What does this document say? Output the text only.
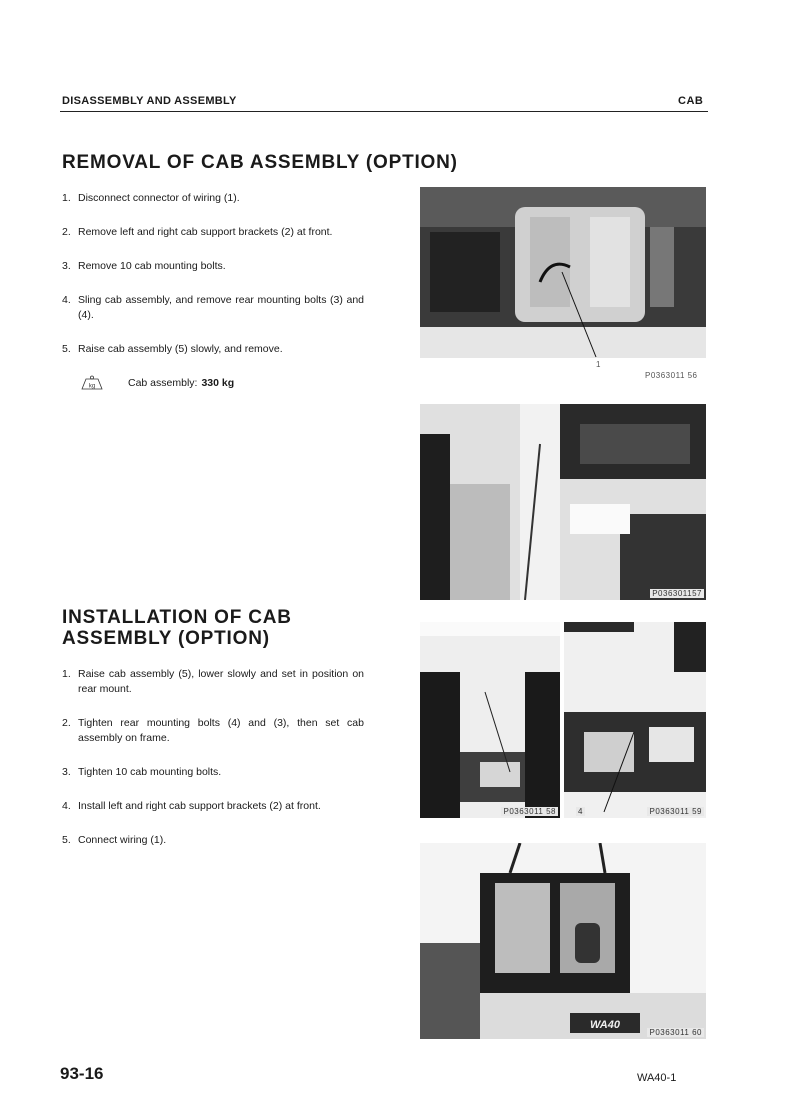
DISASSEMBLY AND ASSEMBLY	CAB
REMOVAL OF CAB ASSEMBLY (OPTION)
1. Disconnect connector of wiring (1).
2. Remove left and right cab support brackets (2) at front.
3. Remove 10 cab mounting bolts.
4. Sling cab assembly, and remove rear mounting bolts (3) and (4).
5. Raise cab assembly (5) slowly, and remove.
kg	Cab assembly: 330 kg
INSTALLATION OF CAB
ASSEMBLY (OPTION)
1. Raise cab assembly (5), lower slowly and set in position on rear mount.
2. Tighten rear mounting bolts (4) and (3), then set cab assembly on frame.
3. Tighten 10 cab mounting bolts.
4. Install left and right cab support brackets (2) at front.
5. Connect wiring (1).
1
P0363011 56
P036301157
P0363011 58	4	P0363011 59
WA40
P0363011 60
93-16	WA40-1
